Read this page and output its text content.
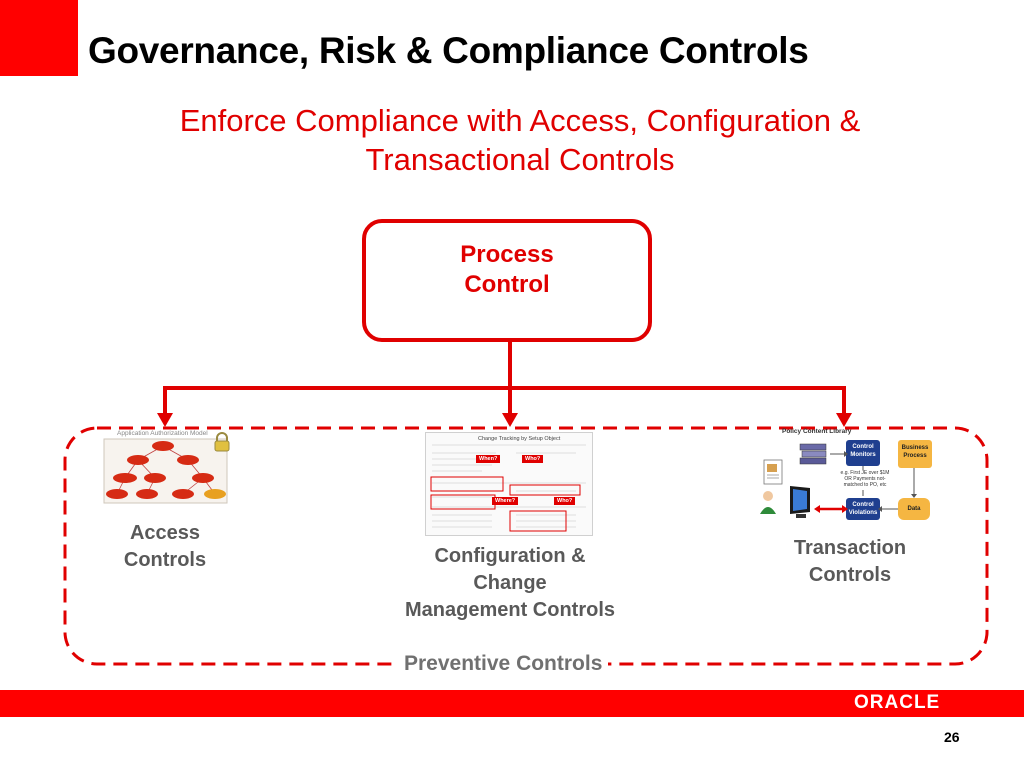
Governance, Risk & Compliance Controls
Enforce Compliance with Access, Configuration &
Transactional Controls
Process
Control
Application Authorization Model
Access
Controls
Change Tracking by Setup Object
When?	Who?
Where?	Who?
Configuration &
Change
Management Controls
Policy Content Library
Control Monitors
Business Process
e.g. First JE over $1M OR Payments not-matched to PO, etc
Control Violations
Data
Transaction
Controls
Preventive Controls
ORACLE
26
